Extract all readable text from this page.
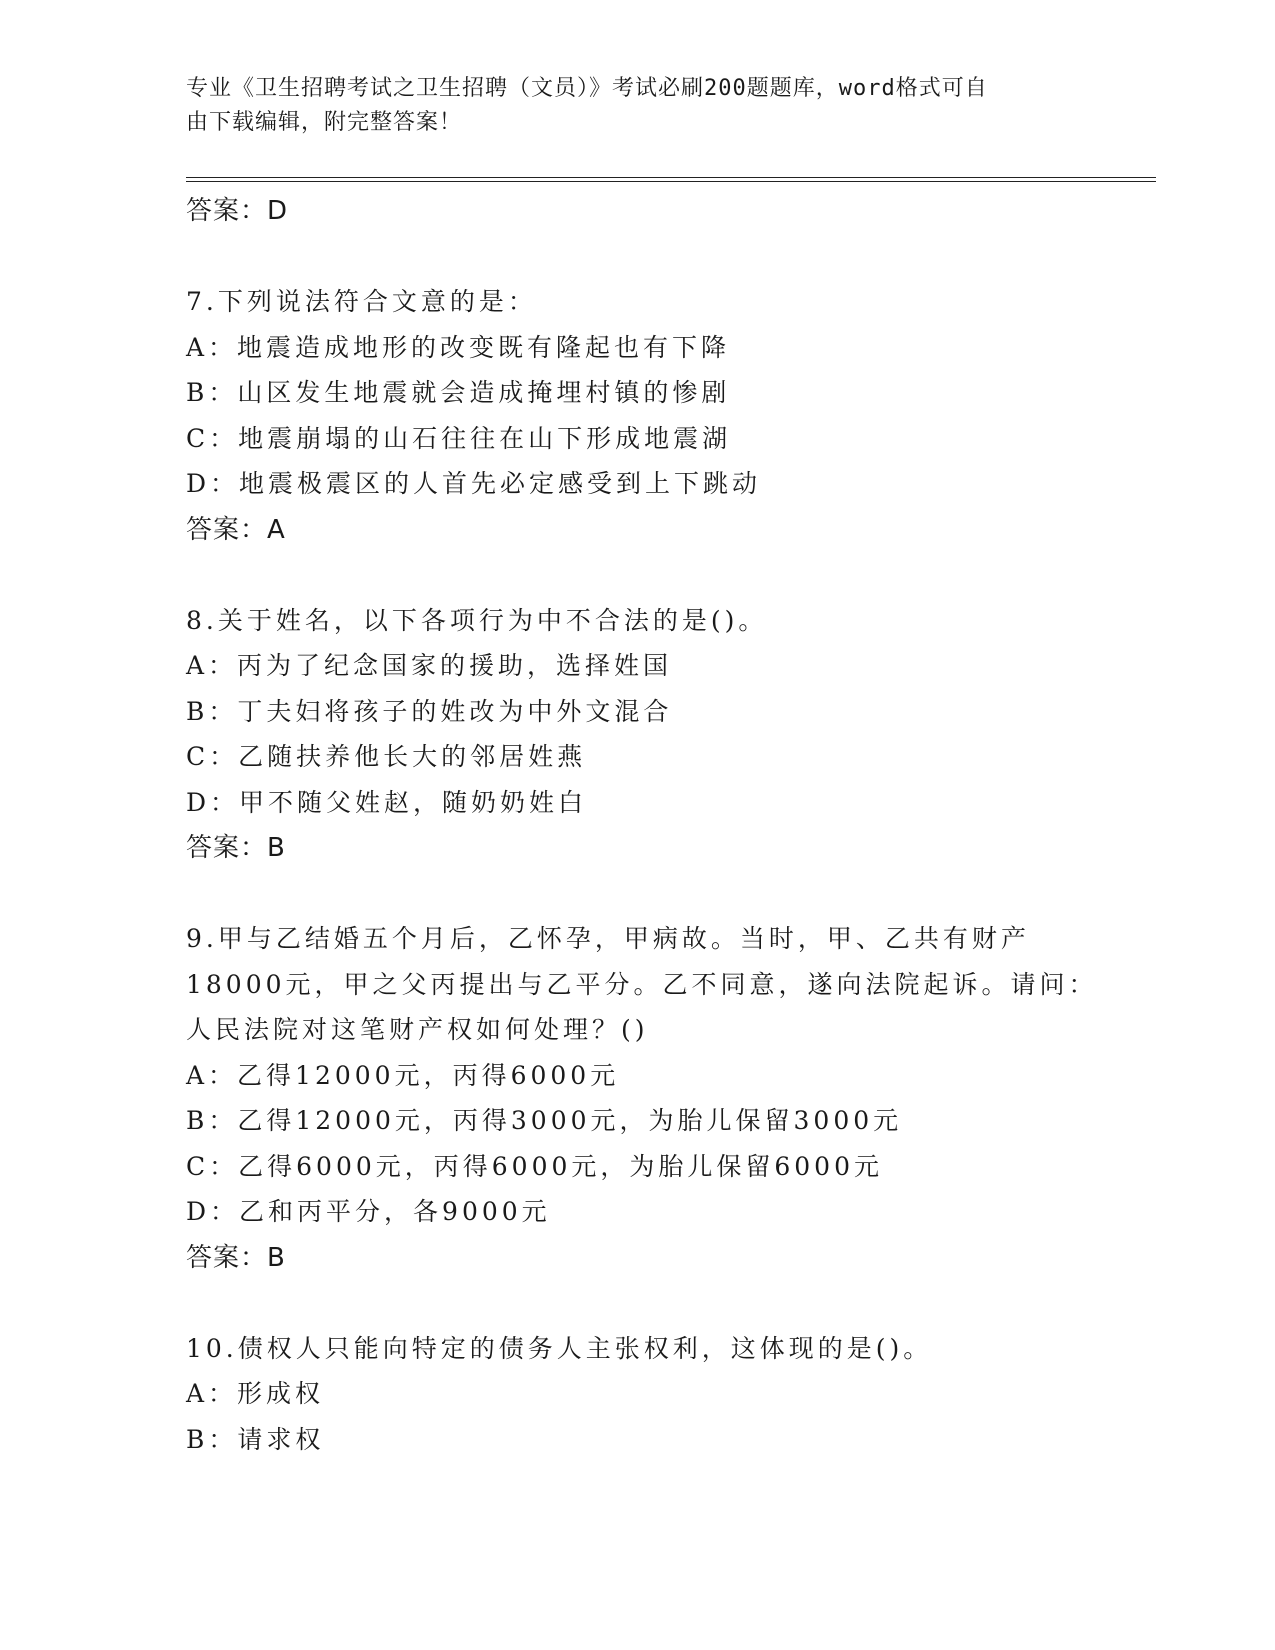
专业《卫生招聘考试之卫生招聘（文员）》考试必刷200题题库，word格式可自
由下载编辑，附完整答案！
答案：D
7.下列说法符合文意的是：
A：地震造成地形的改变既有隆起也有下降
B：山区发生地震就会造成掩埋村镇的惨剧
C：地震崩塌的山石往往在山下形成地震湖
D：地震极震区的人首先必定感受到上下跳动
答案：A
8.关于姓名，以下各项行为中不合法的是()。
A：丙为了纪念国家的援助，选择姓国
B：丁夫妇将孩子的姓改为中外文混合
C：乙随扶养他长大的邻居姓燕
D：甲不随父姓赵，随奶奶姓白
答案：B
9.甲与乙结婚五个月后，乙怀孕，甲病故。当时，甲、乙共有财产
18000元，甲之父丙提出与乙平分。乙不同意，遂向法院起诉。请问：
人民法院对这笔财产权如何处理？()
A：乙得12000元，丙得6000元
B：乙得12000元，丙得3000元，为胎儿保留3000元
C：乙得6000元，丙得6000元，为胎儿保留6000元
D：乙和丙平分，各9000元
答案：B
10.债权人只能向特定的债务人主张权利，这体现的是()。
A：形成权
B：请求权
